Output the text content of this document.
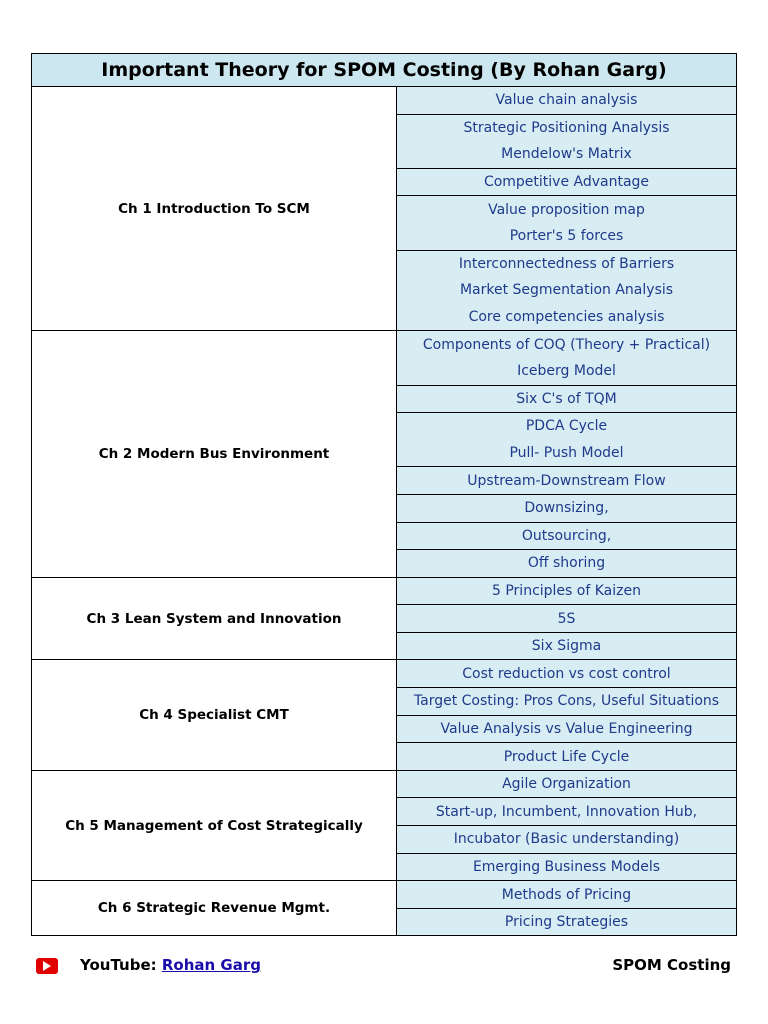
Important Theory for SPOM Costing (By Rohan Garg)
Ch 1 Introduction To SCM
Value chain analysis
Strategic Positioning Analysis
Mendelow's Matrix
Competitive Advantage
Value proposition map
Porter's 5 forces
Interconnectedness of Barriers
Market Segmentation Analysis
Core competencies analysis
Ch 2 Modern Bus Environment
Components of COQ (Theory + Practical)
Iceberg Model
Six C's of TQM
PDCA Cycle
Pull- Push Model
Upstream-Downstream Flow
Downsizing,
Outsourcing,
Off shoring
Ch 3 Lean System and Innovation
5 Principles of Kaizen
5S
Six Sigma
Ch 4 Specialist CMT
Cost reduction vs cost control
Target Costing: Pros Cons, Useful Situations
Value Analysis vs Value Engineering
Product Life Cycle
Ch 5 Management of Cost Strategically
Agile Organization
Start-up, Incumbent, Innovation Hub,
Incubator (Basic understanding)
Emerging Business Models
Ch 6 Strategic Revenue Mgmt.
Methods of Pricing
Pricing Strategies
YouTube: Rohan Garg	SPOM Costing
